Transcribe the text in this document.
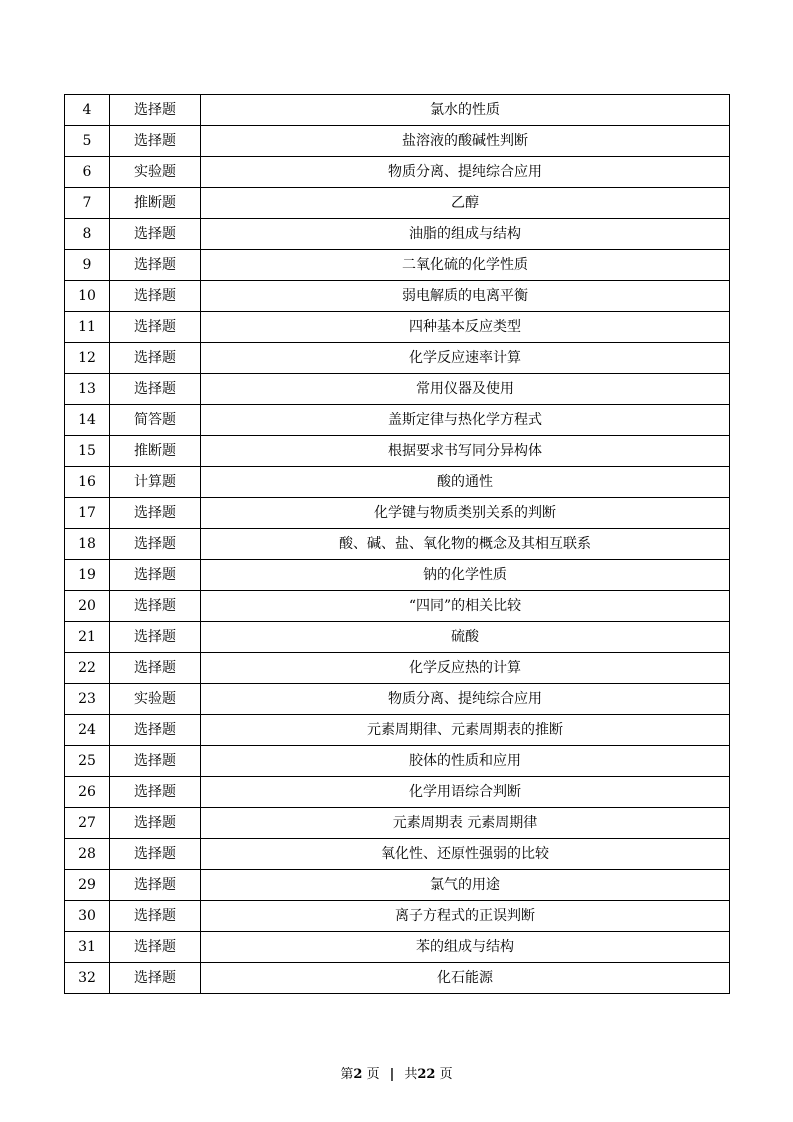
4	选择题	氯水的性质
5	选择题	盐溶液的酸碱性判断
6	实验题	物质分离、提纯综合应用
7	推断题	乙醇
8	选择题	油脂的组成与结构
9	选择题	二氧化硫的化学性质
10	选择题	弱电解质的电离平衡
11	选择题	四种基本反应类型
12	选择题	化学反应速率计算
13	选择题	常用仪器及使用
14	简答题	盖斯定律与热化学方程式
15	推断题	根据要求书写同分异构体
16	计算题	酸的通性
17	选择题	化学键与物质类别关系的判断
18	选择题	酸、碱、盐、氧化物的概念及其相互联系
19	选择题	钠的化学性质
20	选择题	“四同”的相关比较
21	选择题	硫酸
22	选择题	化学反应热的计算
23	实验题	物质分离、提纯综合应用
24	选择题	元素周期律、元素周期表的推断
25	选择题	胶体的性质和应用
26	选择题	化学用语综合判断
27	选择题	元素周期表 元素周期律
28	选择题	氧化性、还原性强弱的比较
29	选择题	氯气的用途
30	选择题	离子方程式的正误判断
31	选择题	苯的组成与结构
32	选择题	化石能源
第2 页 | 共22 页
